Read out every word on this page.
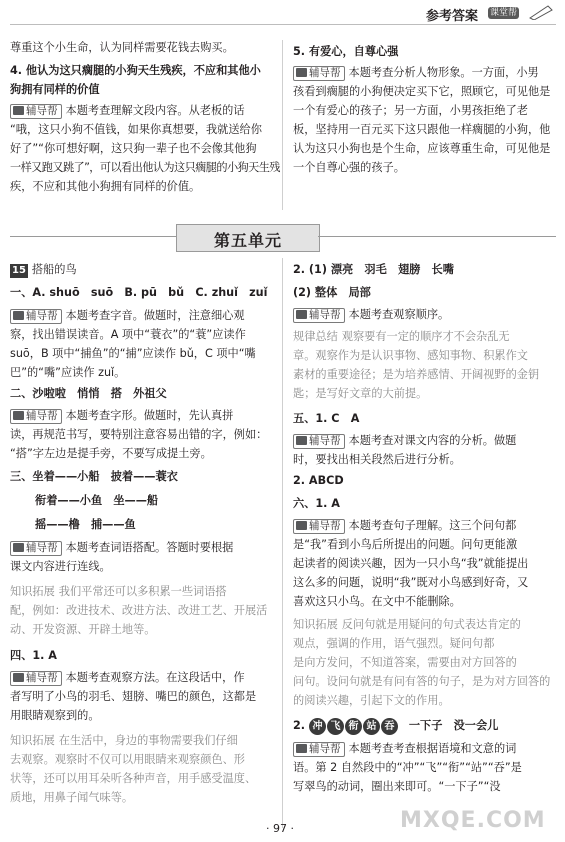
参考答案 课堂帮
尊重这个小生命，认为同样需要花钱去购买。
4. 他认为这只瘸腿的小狗天生残疾，不应和其他小
狗拥有同样的价值
辅导帮 本题考查理解文段内容。从老板的话
“哦，这只小狗不值钱，如果你真想要，我就送给你
好了”“你可想好啊，这只狗一辈子也不会像其他狗
一样又跑又跳了”，可以看出他认为这只瘸腿的小狗天生残
疾，不应和其他小狗拥有同样的价值。
5. 有爱心，自尊心强
辅导帮 本题考查分析人物形象。一方面，小男
孩看到瘸腿的小狗便决定买下它，照顾它，可见他是
一个有爱心的孩子；另一方面，小男孩拒绝了老
板，坚持用一百元买下这只跟他一样瘸腿的小狗，他
认为这只小狗也是个生命，应该尊重生命，可见他是
一个自尊心强的孩子。
第五单元
15 搭船的鸟
一、A. shuō　suō　B. pū　bǔ　C. zhuǐ　zuǐ
辅导帮 本题考查字音。做题时，注意细心观
察，找出错误读音。A 项中“蓑衣”的“蓑”应读作
suō，B 项中“捕鱼”的“捕”应读作 bǔ，C 项中“嘴
巴”的“嘴”应读作 zuǐ。
二、沙啦啦　悄悄　搭　外祖父
辅导帮 本题考查字形。做题时，先认真拼
读，再规范书写，要特别注意容易出错的字，例如：
“搭”字左边是提手旁，不要写成提土旁。
三、坐着——小船　披着——蓑衣
衔着——小鱼　坐——船
摇——橹　捕——鱼
辅导帮 本题考查词语搭配。答题时要根据
课文内容进行连线。
知识拓展 我们平常还可以多积累一些词语搭
配，例如：改进技术、改进方法、改进工艺、开展活
动、开发资源、开辟土地等。
四、1. A
辅导帮 本题考查观察方法。在这段话中，作
者写明了小鸟的羽毛、翅膀、嘴巴的颜色，这都是
用眼睛观察到的。
知识拓展 在生活中，身边的事物需要我们仔细
去观察。观察时不仅可以用眼睛来观察颜色、形
状等，还可以用耳朵听各种声音，用手感受温度、
质地，用鼻子闻气味等。
2. (1) 漂亮　羽毛　翅膀　长嘴
(2) 整体　局部
辅导帮 本题考查观察顺序。
规律总结 观察要有一定的顺序才不会杂乱无
章。观察作为是认识事物、感知事物、积累作文
素材的重要途径；是为培养感情、开阔视野的金钥
匙；是写好文章的大前提。
五、1. C　A
辅导帮 本题考查对课文内容的分析。做题
时，要找出相关段然后进行分析。
2. ABCD
六、1. A
辅导帮 本题考查句子理解。这三个问句都
是“我”看到小鸟后所提出的问题。问句更能激
起读者的阅读兴趣，因为一只小鸟“我”就能提出
这么多的问题，说明“我”既对小鸟感到好奇，又
喜欢这只小鸟。在文中不能删除。
知识拓展 反问句就是用疑问的句式表达肯定的
观点，强调的作用，语气强烈。疑问句都
是向方发问，不知道答案，需要由对方回答的
问句。设问句就是有问有答的句子，是为对方回答的
的阅读兴趣，引起下文的作用。
2. 冲 飞 衔 站 吞 一下子　没一会儿
辅导帮 本题考查考查根据语境和文意的词
语。第 2 自然段中的“冲”“飞”“衔”“站”“吞”是
写翠鸟的动词，圈出来即可。“一下子”“没
· 97 ·	MXQE.COM
